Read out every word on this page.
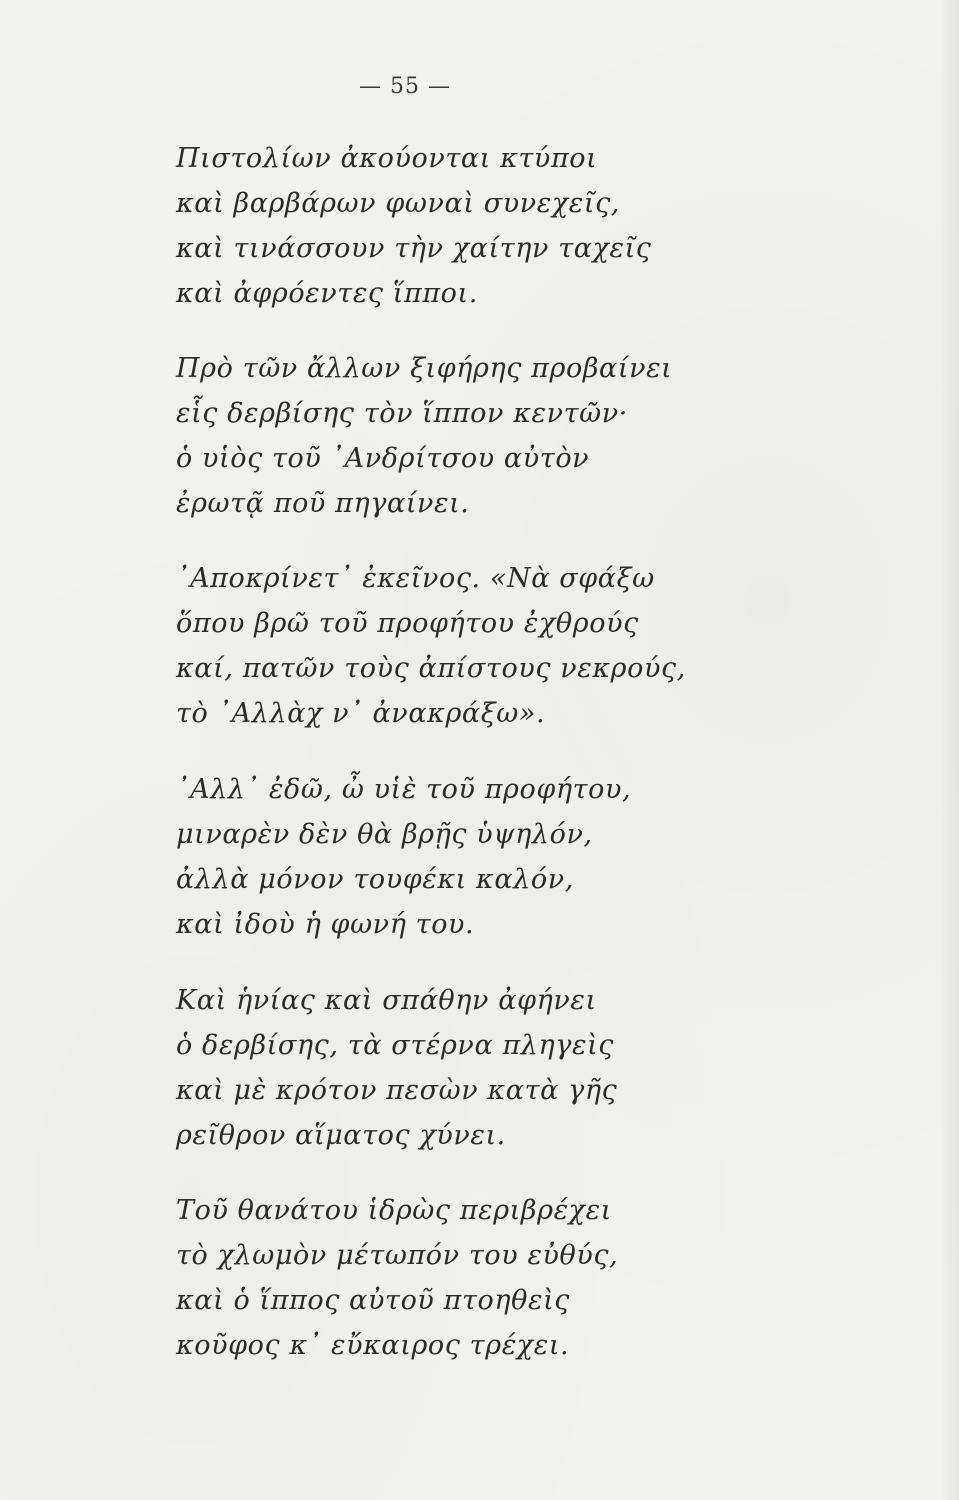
— 55 —
Πιστολίων ἀκούονται κτύποι
καὶ βαρβάρων φωναὶ συνεχεῖς,
καὶ τινάσσουν τὴν χαίτην ταχεῖς
καὶ ἀφρόεντες ἵπποι.
Πρὸ τῶν ἄλλων ξιφήρης προβαίνει
εἷς δερβίσης τὸν ἵππον κεντῶν·
ὁ υἱὸς τοῦ ᾿Ανδρίτσου αὐτὸν
ἐρωτᾷ ποῦ πηγαίνει.
᾿Αποκρίνετ᾿ ἐκεῖνος. «Νὰ σφάξω
ὅπου βρῶ τοῦ προφήτου ἐχθρούς
καί, πατῶν τοὺς ἀπίστους νεκρούς,
τὸ ᾿Αλλὰχ ν᾿ ἀνακράξω».
᾿Αλλ᾿ ἐδῶ, ὦ υἱὲ τοῦ προφήτου,
μιναρὲν δὲν θὰ βρῇς ὑψηλόν,
ἀλλὰ μόνον τουφέκι καλόν,
καὶ ἰδοὺ ἡ φωνή του.
Καὶ ἡνίας καὶ σπάθην ἀφήνει
ὁ δερβίσης, τὰ στέρνα πληγεὶς
καὶ μὲ κρότον πεσὼν κατὰ γῆς
ρεῖθρον αἵματος χύνει.
Τοῦ θανάτου ἱδρὼς περιβρέχει
τὸ χλωμὸν μέτωπόν του εὐθύς,
καὶ ὁ ἵππος αὐτοῦ πτοηθεὶς
κοῦφος κ᾿ εὔκαιρος τρέχει.
